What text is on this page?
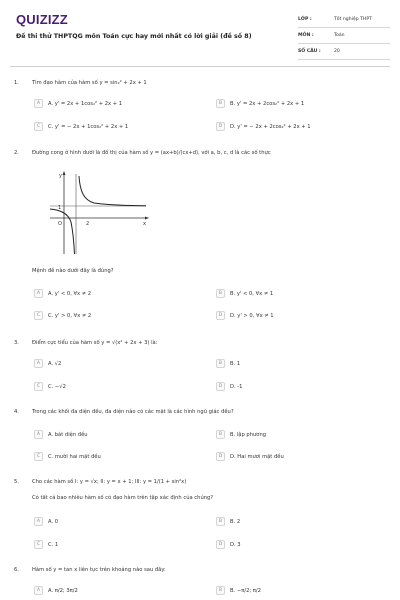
QUIZIZZ
Đề thi thử THPTQG môn Toán cực hay mới nhất có lời giải (đề số 8)
LỚP :	Tốt nghiệp THPT
MÔN :	Toán
SỐ CÂU :	20
1.	Tìm đạo hàm của hàm số y = sin₂² + 2x + 1
A	A. y' = 2x + 1cos₂² + 2x + 1	B	B. y' = 2x + 2cos₂² + 2x + 1
C	C. y' = − 2x + 1cos₂² + 2x + 1	D	D. y' = − 2x + 2cos₂² + 2x + 1
2.	Đường cong ở hình dưới là đồ thị của hàm số y = (ax+b)/(cx+d), với a, b, c, d là các số thực
y
x
O
1
2
Mệnh đề nào dưới đây là đúng?
A	A. y' < 0, ∀x ≠ 2	B	B. y' < 0, ∀x ≠ 1
C	C. y' > 0, ∀x ≠ 2	D	D. y' > 0, ∀x ≠ 1
3.	Điểm cực tiểu của hàm số y = √(x² + 2x + 3) là:
A	A. √2	B	B. 1
C	C. −√2	D	D. -1
4.	Trong các khối đa diện đều, đa diện nào có các mặt là các hình ngũ giác đều?
A	A. bát diện đều	B	B. lập phương
C	C. mười hai mặt đều	D	D. Hai mươi mặt đều
5.	Cho các hàm số I: y = √x; II: y = x + 1; III: y = 1/(1 + sin²x)
Có tất cả bao nhiêu hàm số có đạo hàm trên tập xác định của chúng?
A	A. 0	B	B. 2
C	C. 1	D	D. 3
6.	Hàm số y = tan x liên tục trên khoảng nào sau đây:
A	A. π/2; 3π/2	B	B. −π/2; π/2
